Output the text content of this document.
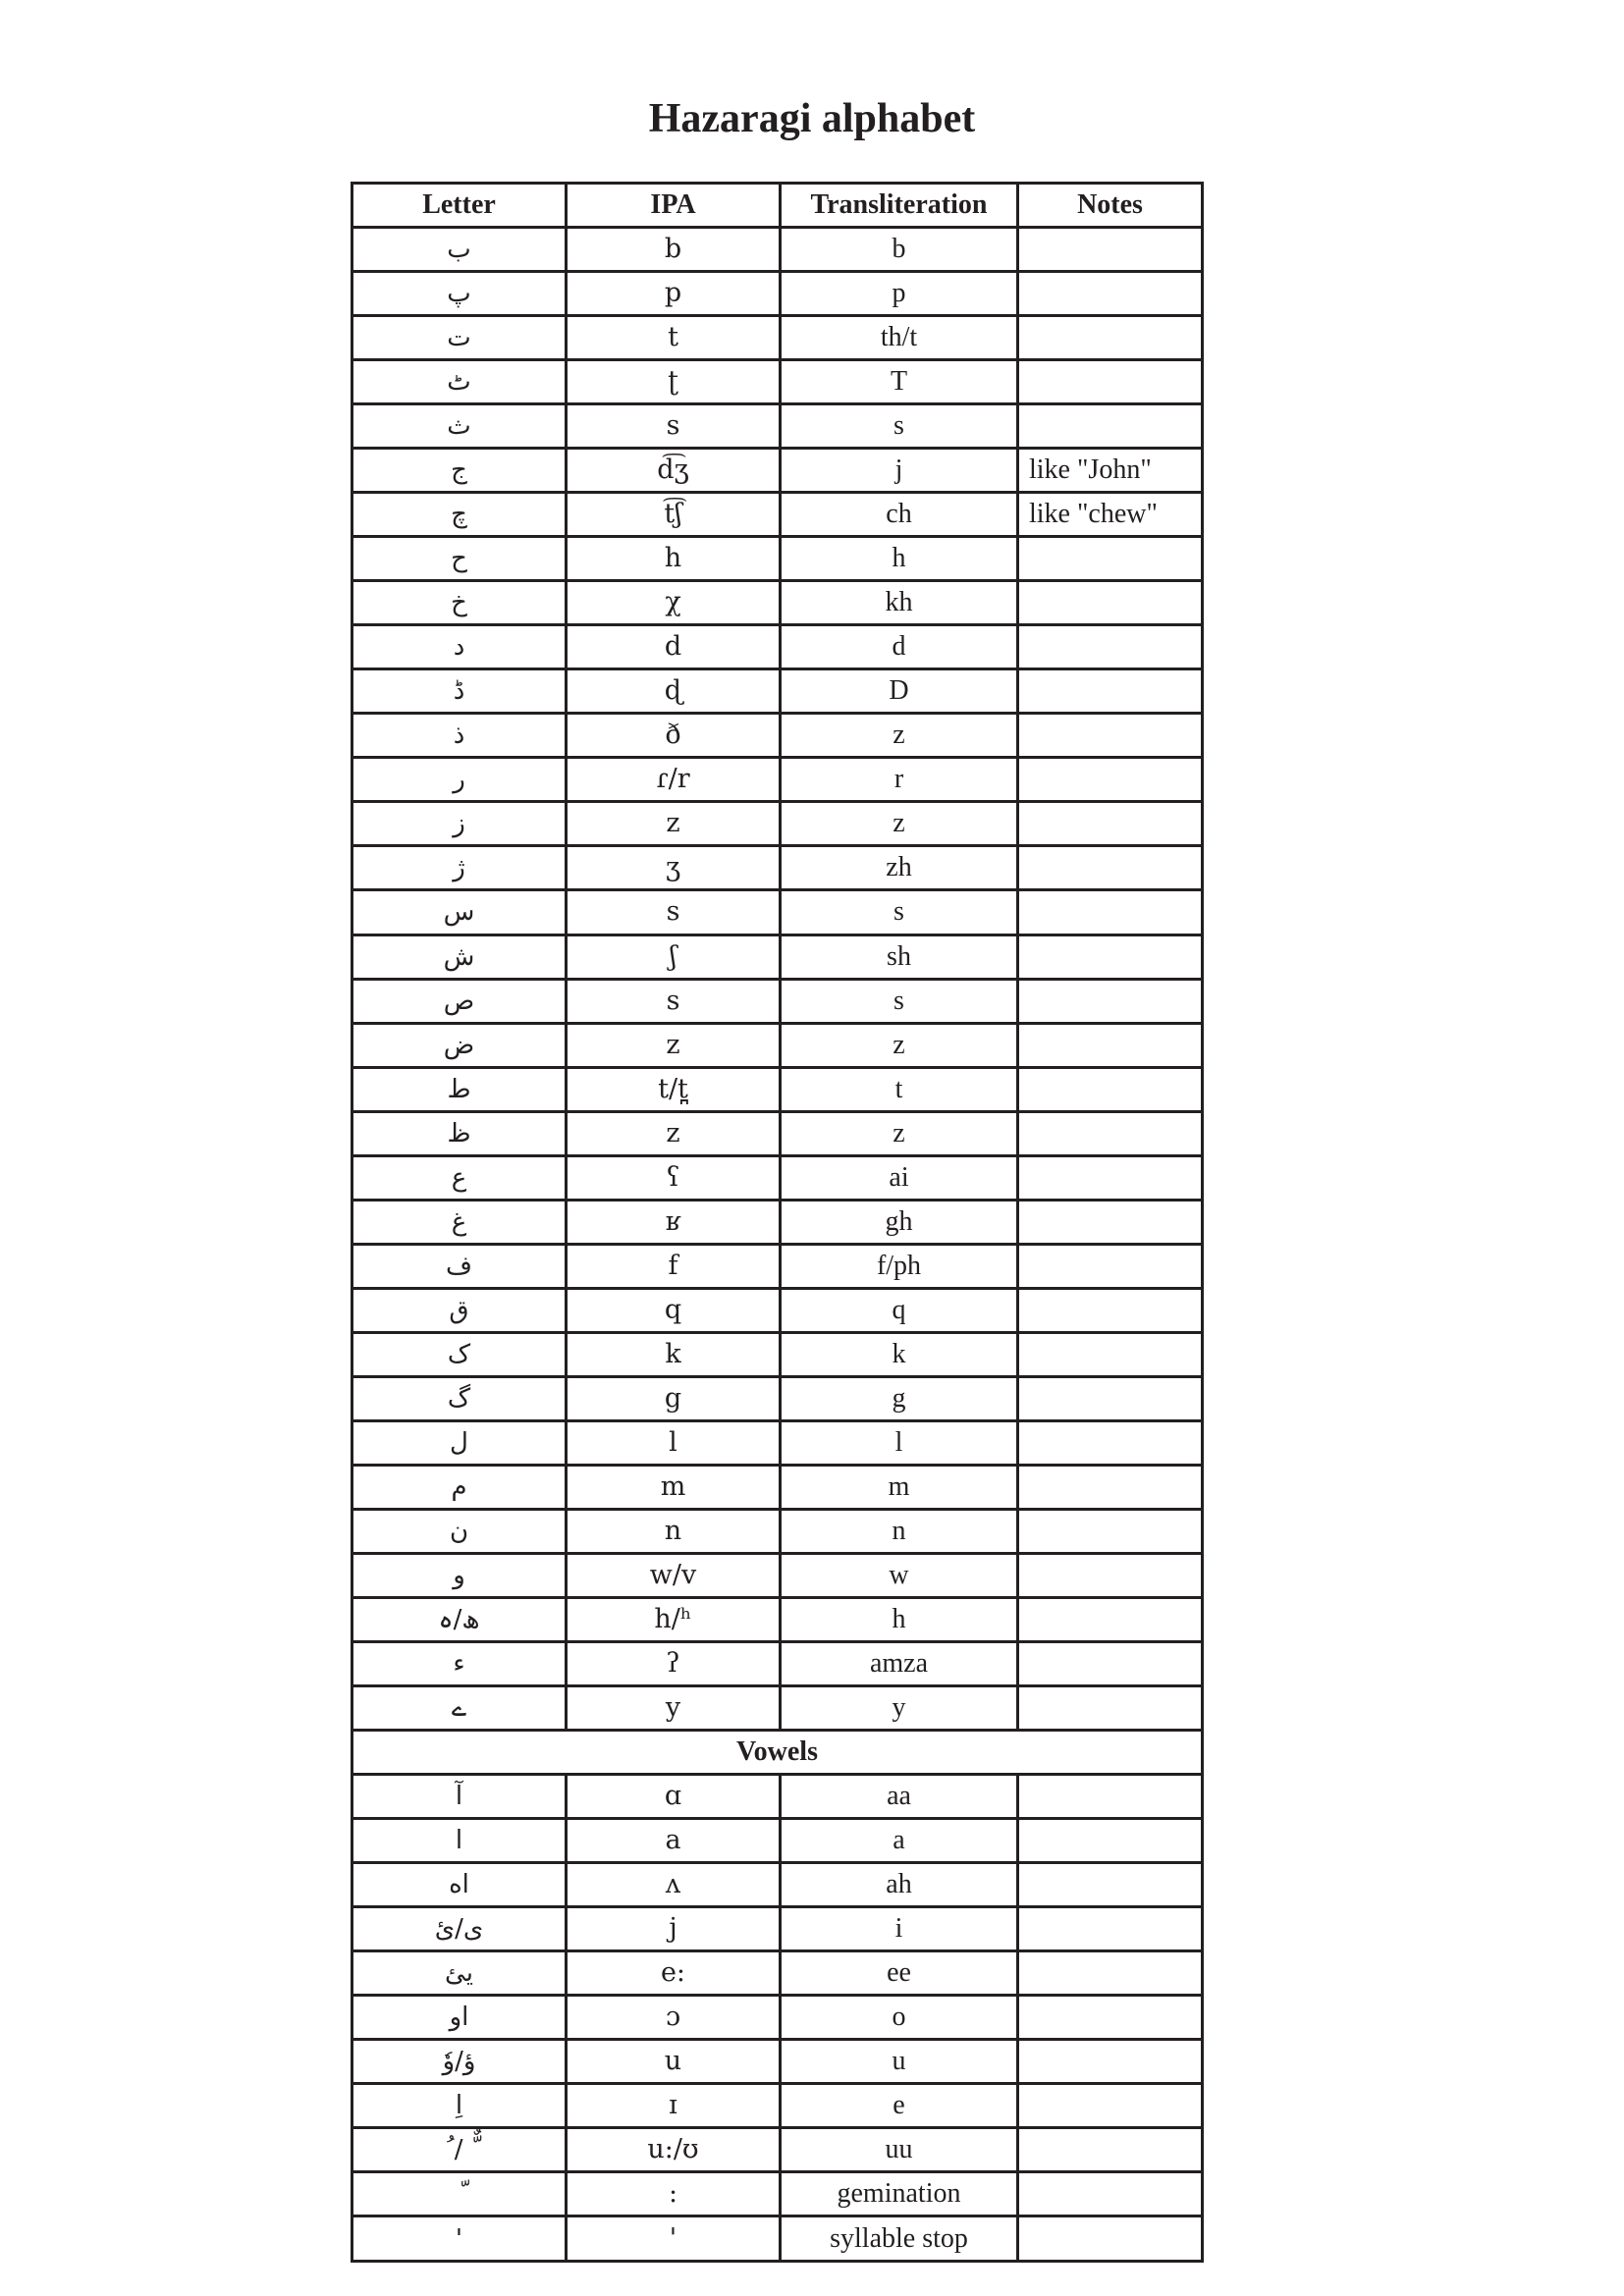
Hazaragi alphabet
Letter	IPA	Transliteration	Notes
ب	b	b	
پ	p	p	
ت	t	th/t	
ٹ	ʈ	T	
ث	s	s	
ج	d͡ʒ	j	like "John"
چ	t͡ʃ	ch	like "chew"
ح	h	h	
خ	χ	kh	
د	d	d	
ڈ	ɖ	D	
ذ	ð	z	
ر	ɾ/r	r	
ز	z	z	
ژ	ʒ	zh	
س	s	s	
ش	ʃ	sh	
ص	s	s	
ض	z	z	
ط	t/t̪	t	
ظ	z	z	
ع	ʕ	ai	
غ	ʁ	gh	
ف	f	f/ph	
ق	q	q	
ک	k	k	
گ	g	g	
ل	l	l	
م	m	m	
ن	n	n	
و	w/v	w	
ھ/ہ	h/ʰ	h	
ء	ʔ	amza	
ے	y	y	
Vowels			
آ	ɑ	aa	
ا	a	a	
اه	ʌ	ah	
ی/ئ	j	i	
یئ	e:	ee	
او	ɔ	o	
ؤ/وٗ	u	u	
اِ	ɪ	e	
ٌّ / ُ	u:/ʊ	uu	
	:	gemination	
'	'	syllable stop	
